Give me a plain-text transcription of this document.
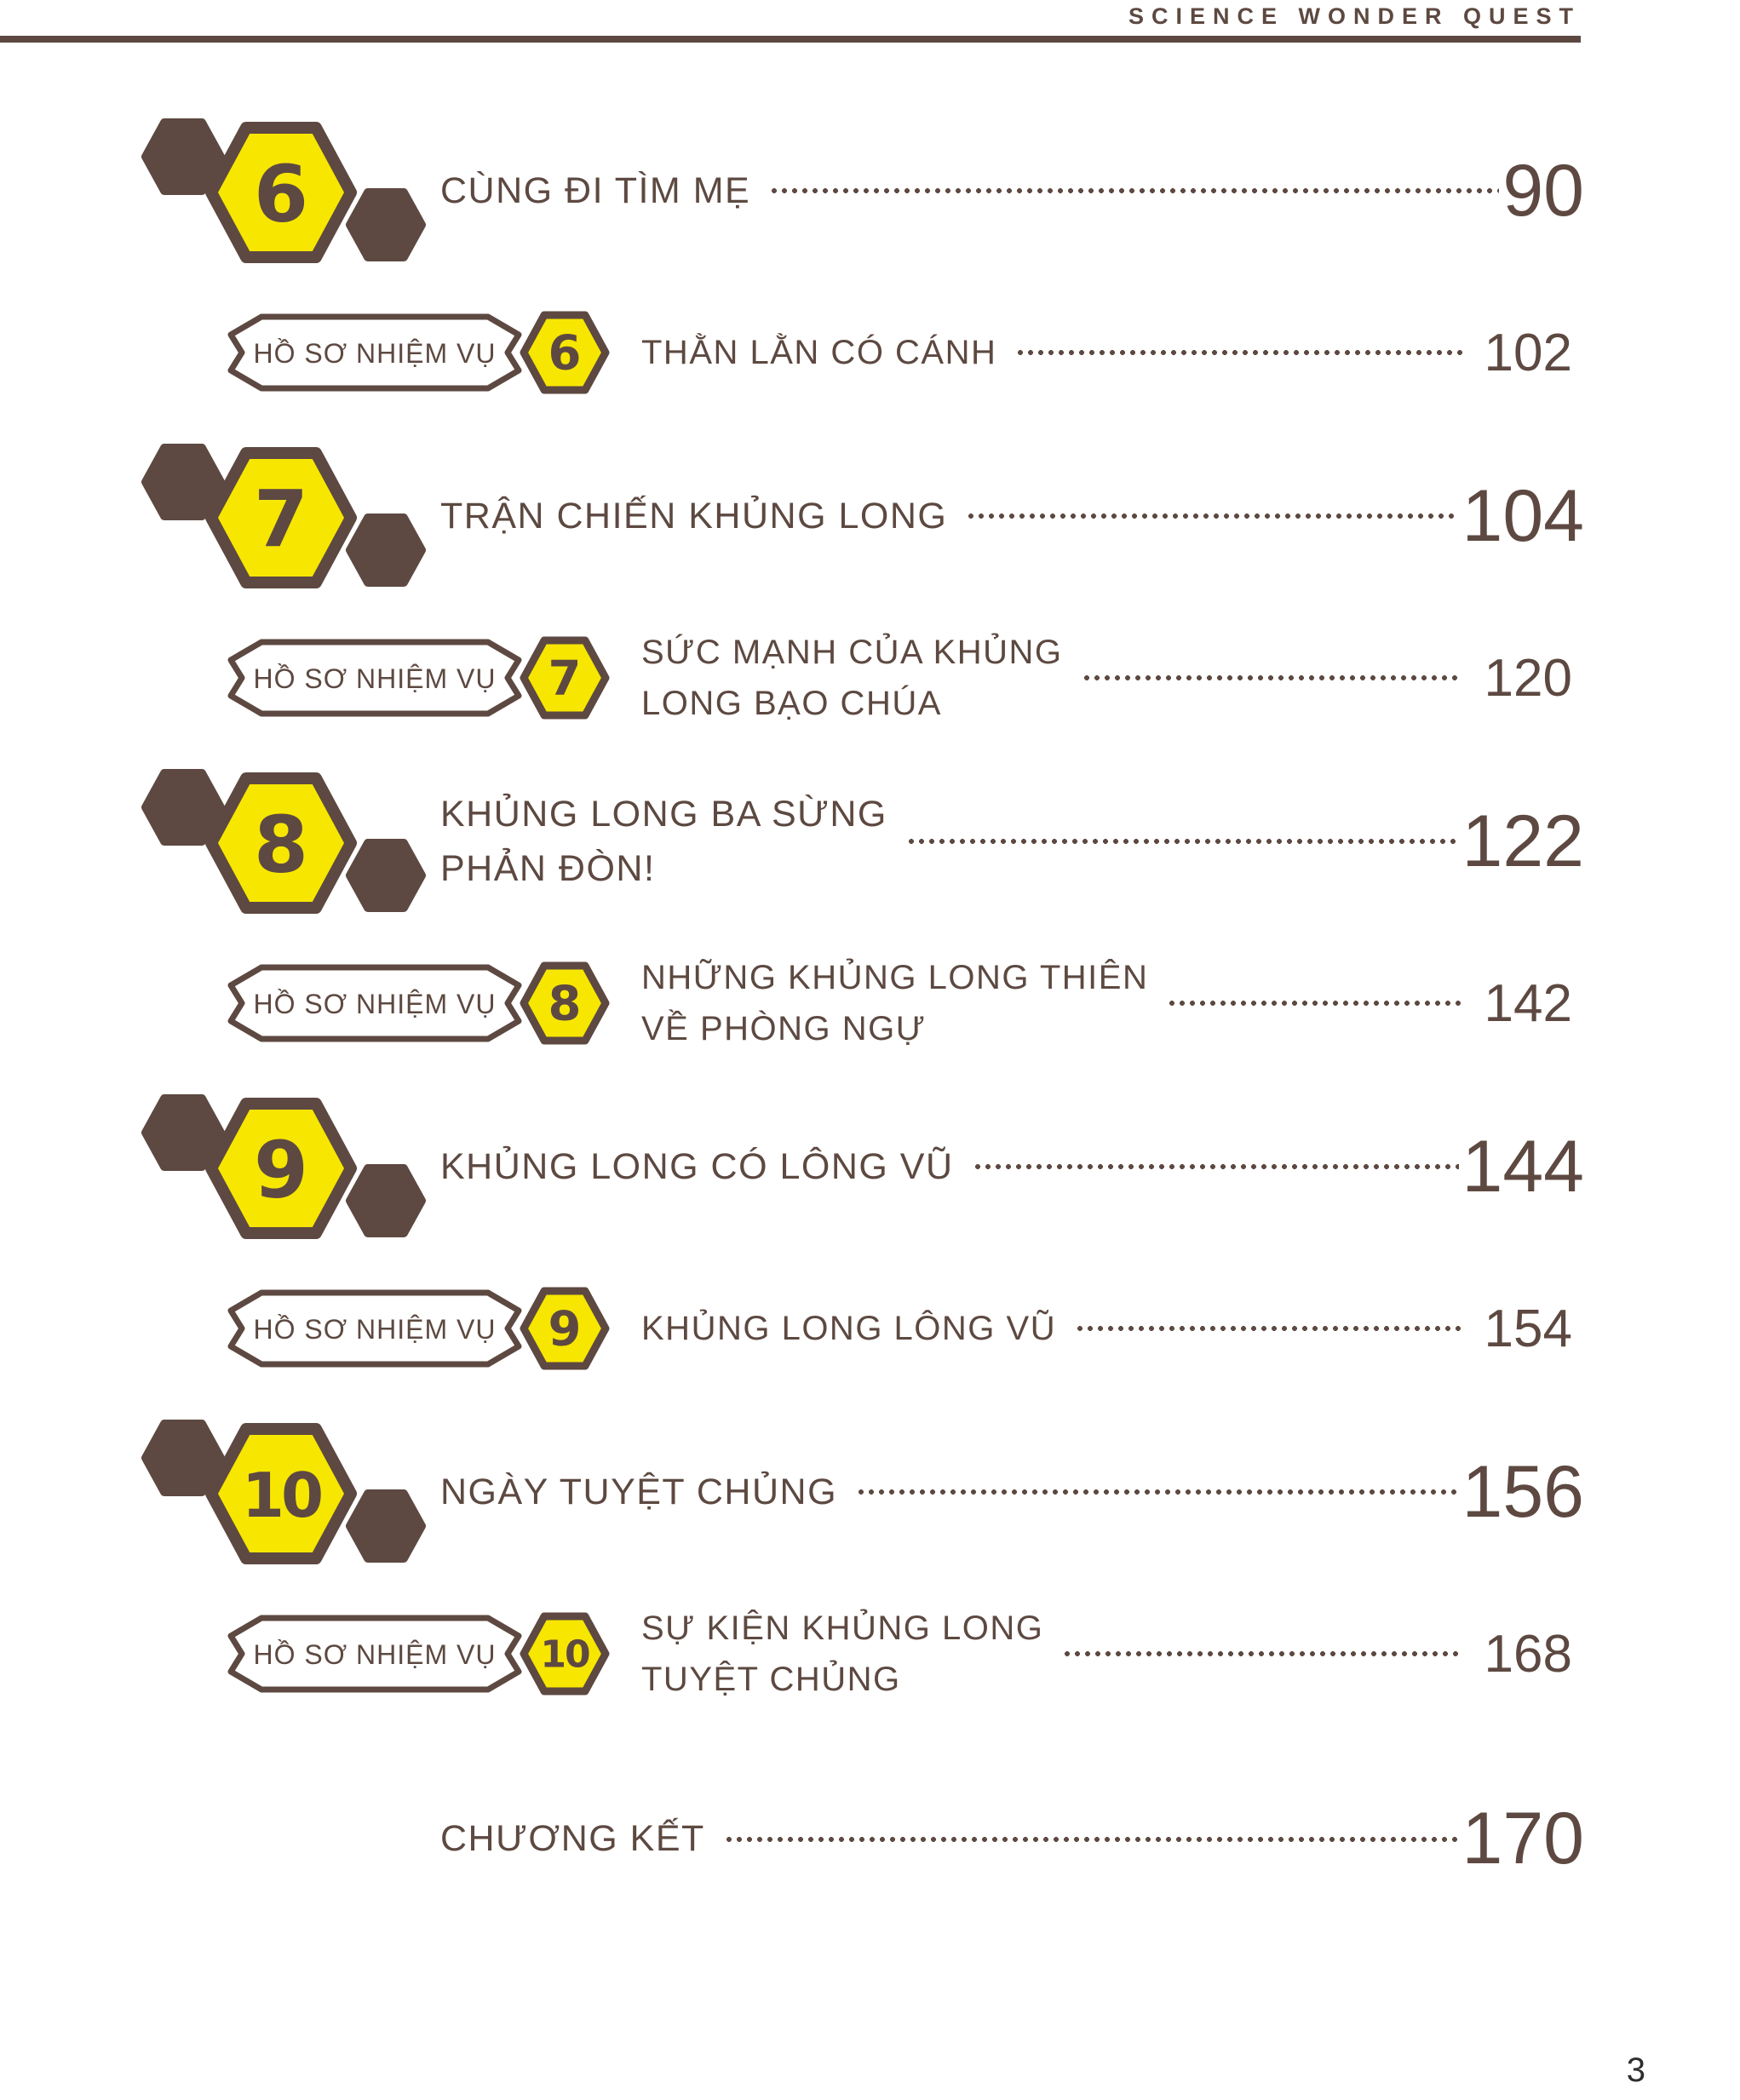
SCIENCE WONDER QUEST
6	CÙNG ĐI TÌM MẸ	90
HỒ SƠ NHIỆM VỤ 6 THẰN LẰN CÓ CÁNH	102
7	TRẬN CHIẾN KHỦNG LONG	104
HỒ SƠ NHIỆM VỤ 7 SỨC MẠNH CỦA KHỦNG
LONG BẠO CHÚA	120
8	KHỦNG LONG BA SỪNG
PHẢN ĐÒN!	122
HỒ SƠ NHIỆM VỤ 8 NHỮNG KHỦNG LONG THIÊN
VỀ PHÒNG NGỰ	142
9	KHỦNG LONG CÓ LÔNG VŨ	144
HỒ SƠ NHIỆM VỤ 9 KHỦNG LONG LÔNG VŨ	154
10	NGÀY TUYỆT CHỦNG	156
HỒ SƠ NHIỆM VỤ 10
SỰ KIỆN KHỦNG LONG
TUYỆT CHỦNG	168
CHƯƠNG KẾT	170
3
